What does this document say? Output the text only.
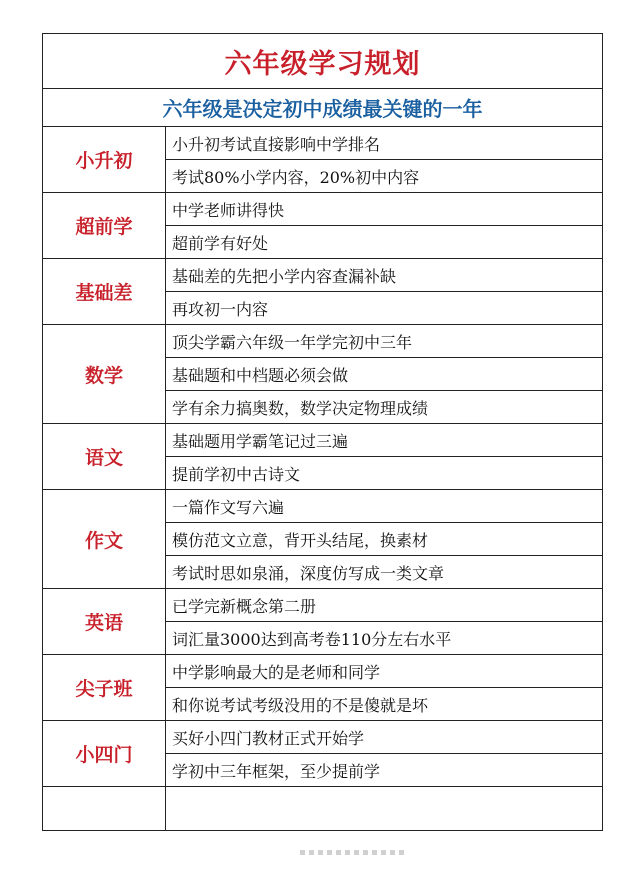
六年级学习规划	
六年级是决定初中成绩最关键的一年	
小升初	小升初考试直接影响中学排名
	考试80%小学内容，20%初中内容
超前学	中学老师讲得快
	超前学有好处
基础差	基础差的先把小学内容查漏补缺
	再攻初一内容
数学	顶尖学霸六年级一年学完初中三年
	基础题和中档题必须会做
	学有余力搞奥数，数学决定物理成绩
语文	基础题用学霸笔记过三遍
	提前学初中古诗文
作文	一篇作文写六遍
	模仿范文立意，背开头结尾，换素材
	考试时思如泉涌，深度仿写成一类文章
英语	已学完新概念第二册
	词汇量3000达到高考卷110分左右水平
尖子班	中学影响最大的是老师和同学
	和你说考试考级没用的不是傻就是坏
小四门	买好小四门教材正式开始学
	学初中三年框架，至少提前学
